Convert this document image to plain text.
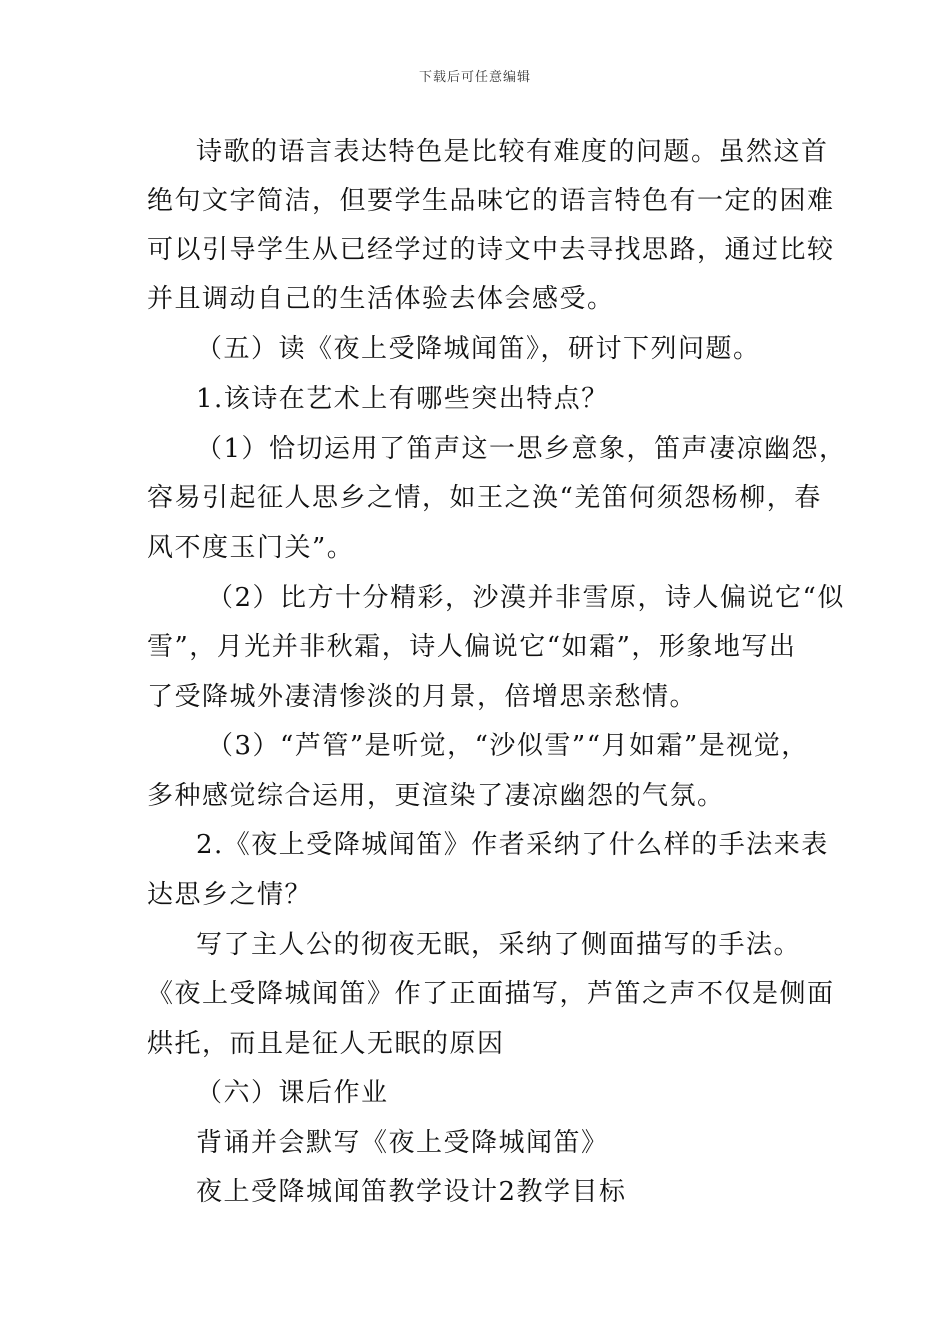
下载后可任意编辑
诗歌的语言表达特色是比较有难度的问题。虽然这首
绝句文字简洁，但要学生品味它的语言特色有一定的困难
可以引导学生从已经学过的诗文中去寻找思路，通过比较
并且调动自己的生活体验去体会感受。
（五）读《夜上受降城闻笛》，研讨下列问题。
1.该诗在艺术上有哪些突出特点？
（1）恰切运用了笛声这一思乡意象，笛声凄凉幽怨，
容易引起征人思乡之情，如王之涣“羌笛何须怨杨柳，春
风不度玉门关”。
（2）比方十分精彩，沙漠并非雪原，诗人偏说它“似
雪”，月光并非秋霜，诗人偏说它“如霜”，形象地写出
了受降城外凄清惨淡的月景，倍增思亲愁情。
（3）“芦管”是听觉，“沙似雪”“月如霜”是视觉，
多种感觉综合运用，更渲染了凄凉幽怨的气氛。
2.《夜上受降城闻笛》作者采纳了什么样的手法来表
达思乡之情？
写了主人公的彻夜无眠，采纳了侧面描写的手法。
《夜上受降城闻笛》作了正面描写，芦笛之声不仅是侧面
烘托，而且是征人无眠的原因
（六）课后作业
背诵并会默写《夜上受降城闻笛》
夜上受降城闻笛教学设计2教学目标
